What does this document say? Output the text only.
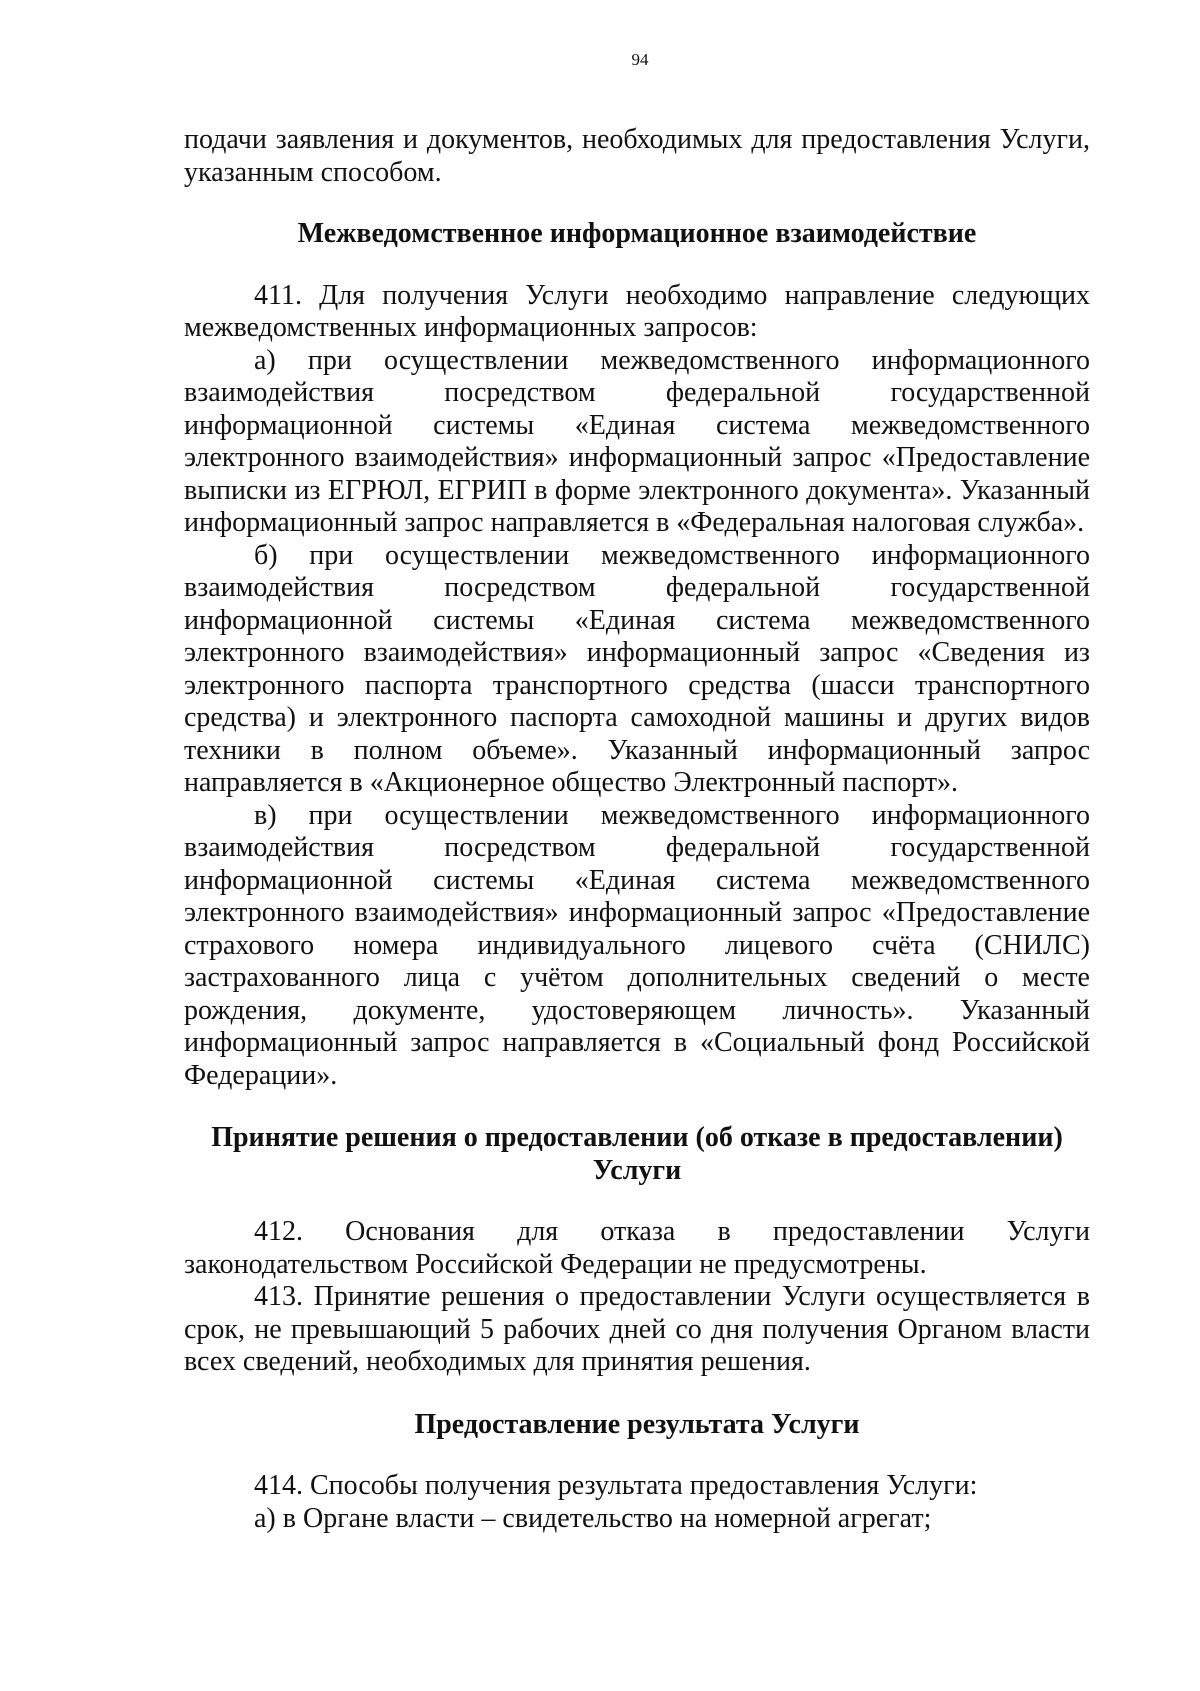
94

подачи заявления и документов, необходимых для предоставления Услуги, указанным способом.

Межведомственное информационное взаимодействие

411. Для получения Услуги необходимо направление следующих межведомственных информационных запросов:

а) при осуществлении межведомственного информационного взаимодействия посредством федеральной государственной информационной системы «Единая система межведомственного электронного взаимодействия» информационный запрос «Предоставление выписки из ЕГРЮЛ, ЕГРИП в форме электронного документа». Указанный информационный запрос направляется в «Федеральная налоговая служба».

б) при осуществлении межведомственного информационного взаимодействия посредством федеральной государственной информационной системы «Единая система межведомственного электронного взаимодействия» информационный запрос «Сведения из электронного паспорта транспортного средства (шасси транспортного средства) и электронного паспорта самоходной машины и других видов техники в полном объеме». Указанный информационный запрос направляется в «Акционерное общество Электронный паспорт».

в) при осуществлении межведомственного информационного взаимодействия посредством федеральной государственной информационной системы «Единая система межведомственного электронного взаимодействия» информационный запрос «Предоставление страхового номера индивидуального лицевого счёта (СНИЛС) застрахованного лица с учётом дополнительных сведений о месте рождения, документе, удостоверяющем личность». Указанный информационный запрос направляется в «Социальный фонд Российской Федерации».

Принятие решения о предоставлении (об отказе в предоставлении) Услуги

412. Основания для отказа в предоставлении Услуги законодательством Российской Федерации не предусмотрены.

413. Принятие решения о предоставлении Услуги осуществляется в срок, не превышающий 5 рабочих дней со дня получения Органом власти всех сведений, необходимых для принятия решения.

Предоставление результата Услуги

414. Способы получения результата предоставления Услуги:

а) в Органе власти – свидетельство на номерной агрегат;
